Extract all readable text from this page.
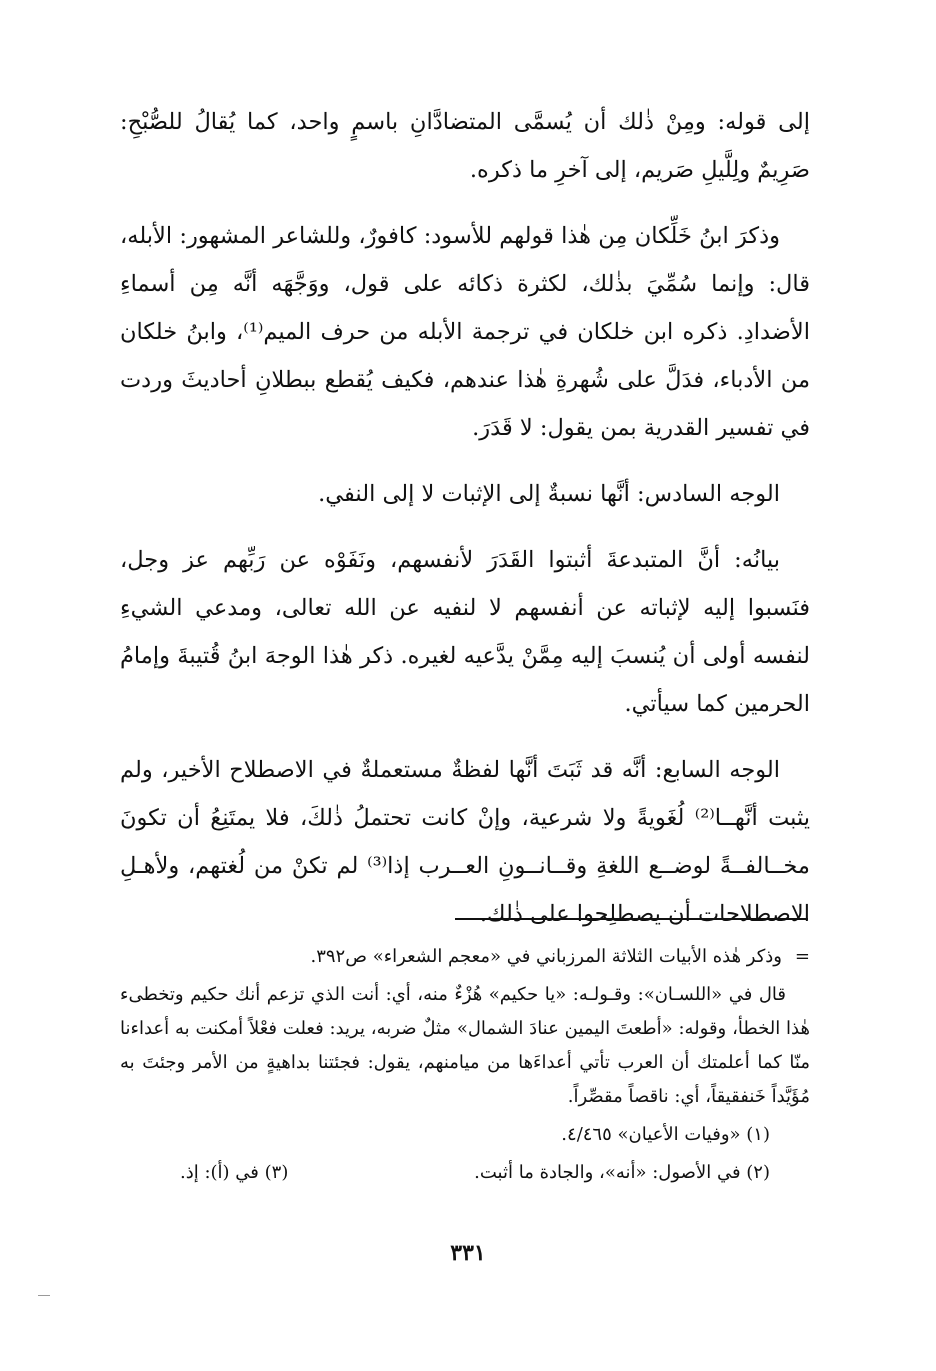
إلى قوله: ومِنْ ذٰلك أن يُسمَّى المتضادَّانِ باسمٍ واحد، كما يُقالُ للصُّبْحِ: صَرِيمٌ ولِلَّيلِ صَريم، إلى آخرِ ما ذكره.

وذكرَ ابنُ خَلِّكان مِن هٰذا قولهم للأسود: كافورٌ، وللشاعر المشهور: الأبله، قال: وإنما سُمِّيَ بذٰلك، لكثرة ذكائه على قول، ووَجَّهَه أنَّه مِن أسماءِ الأضدادِ. ذكره ابن خلكان في ترجمة الأبله من حرف الميم⁽¹⁾، وابنُ خلكان من الأدباء، فدَلَّ على شُهرةِ هٰذا عندهم، فكيف يُقطع ببطلانِ أحاديثَ وردت في تفسير القدرية بمن يقول: لا قَدَرَ.

الوجه السادس: أنَّها نسبةٌ إلى الإثبات لا إلى النفي.

بيانُه: أنَّ المتبدعةَ أثبتوا القَدَرَ لأنفسهم، ونَفَوْه عن رَبِّهم عز وجل، فنَسبوا إليه لإثباته عن أنفسهم لا لنفيه عن الله تعالى، ومدعي الشيءِ لنفسه أولى أن يُنسبَ إليه مِمَّنْ يدَّعيه لغيره. ذكر هٰذا الوجهَ ابنُ قُتيبةَ وإمامُ الحرمين كما سيأتي.

الوجه السابع: أنَّه قد ثَبَتَ أنَّها لفظةٌ مستعملةٌ في الاصطلاح الأخير، ولم يثبت أنَّهــا⁽²⁾ لُغَويةً ولا شرعية، وإنْ كانت تحتملُ ذٰلكَ، فلا يمتَنِعُ أن تكونَ مخــالفــةً لوضــع اللغةِ وقــانــونِ العــرب إذا⁽³⁾ لم تكنْ من لُغتهم، ولأهـلِ الاصطلاحات أن يصطلِحوا على ذٰلك.

=
وذكر هٰذه الأبيات الثلاثة المرزباني في «معجم الشعراء» ص٣٩٢.

قال في «اللسـان»: وقـولـه: «يا حكيم» هُزْءٌ منه، أي: أنت الذي تزعم أنك حكيم وتخطىء هٰذا الخطأ، وقوله: «أطعتَ اليمين عنادَ الشمال» مثلٌ ضربه، يريد: فعلت فعْلاً أمكنت به أعداءنا منّا كما أعلمتك أن العرب تأتي أعداءَها من ميامنهم، يقول: فجئتنا بداهيةٍ من الأمر وجئتَ به مُؤَيَّداً خَنفقيقاً، أي: ناقصاً مقصِّراً.

(١) «وفيات الأعيان» ٤/٤٦٥.

(٢) في الأصول: «أنه»، والجادة ما أثبت.
(٣) في (أ): إذ.
٣٣١
